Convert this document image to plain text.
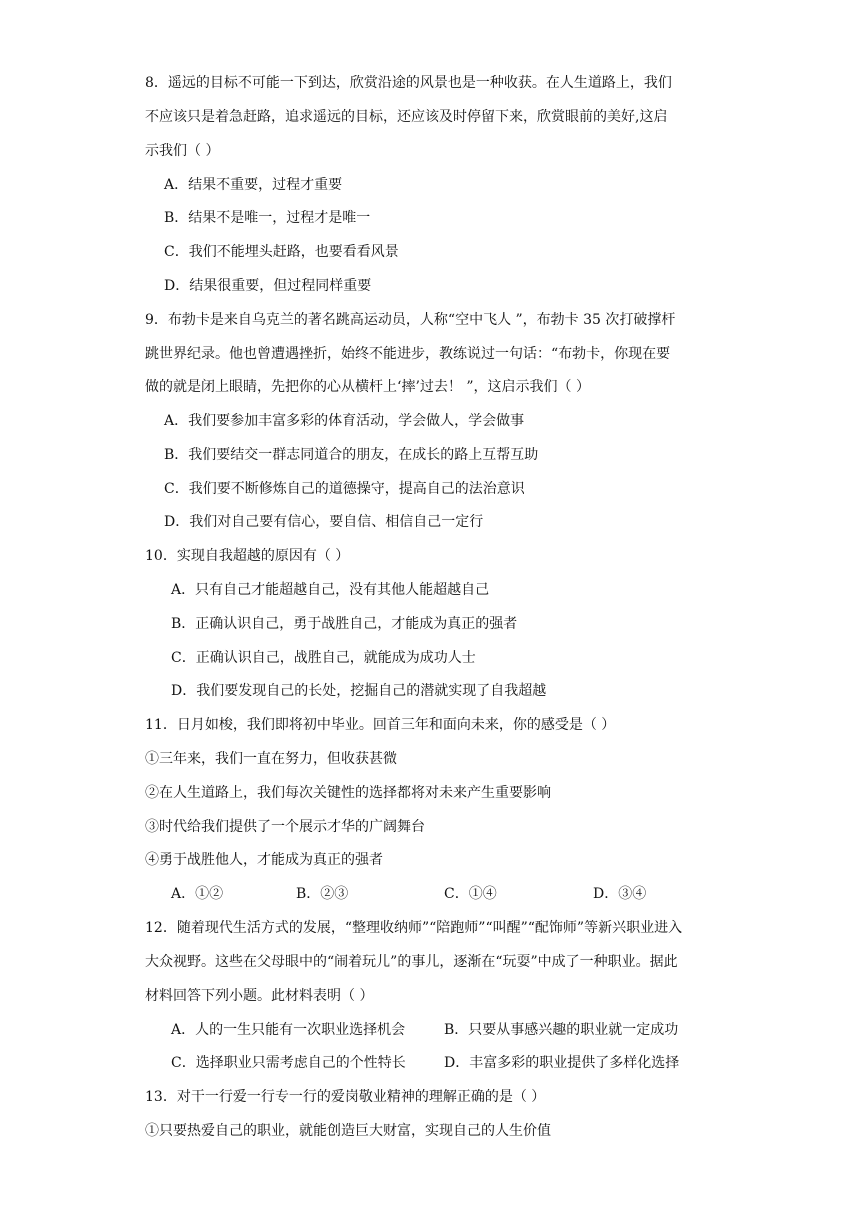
8．遥远的目标不可能一下到达，欣赏沿途的风景也是一种收获。在人生道路上，我们
不应该只是着急赶路，追求遥远的目标，还应该及时停留下来，欣赏眼前的美好,这启
示我们（ ）
A．结果不重要，过程才重要
B．结果不是唯一，过程才是唯一
C．我们不能埋头赶路，也要看看风景
D．结果很重要，但过程同样重要
9．布勃卡是来自乌克兰的著名跳高运动员，人称“空中飞人 ”，布勃卡 35 次打破撑杆
跳世界纪录。他也曾遭遇挫折，始终不能进步，教练说过一句话：“布勃卡，你现在要
做的就是闭上眼睛，先把你的心从横杆上‘摔’过去！ ”，这启示我们（ ）
A．我们要参加丰富多彩的体育活动，学会做人，学会做事
B．我们要结交一群志同道合的朋友，在成长的路上互帮互助
C．我们要不断修炼自己的道德操守，提高自己的法治意识
D．我们对自己要有信心，要自信、相信自己一定行
10．实现自我超越的原因有（ ）
A．只有自己才能超越自己，没有其他人能超越自己
B．正确认识自己，勇于战胜自己，才能成为真正的强者
C．正确认识自己，战胜自己，就能成为成功人士
D．我们要发现自己的长处，挖掘自己的潜就实现了自我超越
11．日月如梭，我们即将初中毕业。回首三年和面向未来，你的感受是（ ）
①三年来，我们一直在努力，但收获甚微
②在人生道路上，我们每次关键性的选择都将对未来产生重要影响
③时代给我们提供了一个展示才华的广阔舞台
④勇于战胜他人，才能成为真正的强者
A．①②	B．②③	C．①④	D．③④
12．随着现代生活方式的发展，“整理收纳师”“陪跑师”“叫醒”“配饰师”等新兴职业进入
大众视野。这些在父母眼中的“闹着玩儿”的事儿，逐渐在“玩耍”中成了一种职业。据此
材料回答下列小题。此材料表明（ ）
A．人的一生只能有一次职业选择机会	B．只要从事感兴趣的职业就一定成功
C．选择职业只需考虑自己的个性特长	D．丰富多彩的职业提供了多样化选择
13．对干一行爱一行专一行的爱岗敬业精神的理解正确的是（ ）
①只要热爱自己的职业，就能创造巨大财富，实现自己的人生价值
